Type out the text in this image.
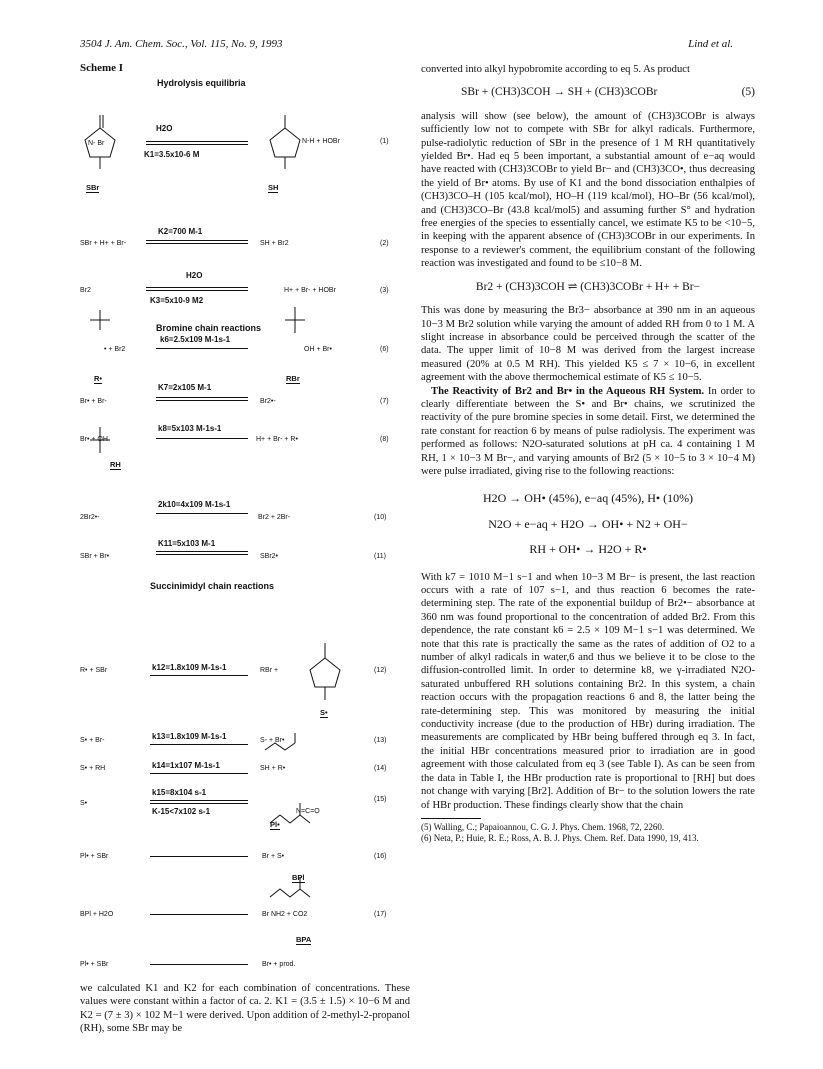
3504 J. Am. Chem. Soc., Vol. 115, No. 9, 1993	Lind et al.
Scheme I
Hydrolysis equilibria
Bromine chain reactions
Succinimidyl chain reactions
N- Br
H2O
K1=3.5x10-6 M
N-H + HOBr	(1)
SBr	SH
SBr + H+ + Br-
K2=700 M-1
SH + Br2	(2)
Br2
H2O
K3=5x10-9 M2
H+ + Br- + HOBr	(3)
• + Br2
k6=2.5x109 M-1s-1
OH + Br•	(6)
R•	RBr
Br• + Br-
K7=2x105 M-1
Br2•-	(7)
Br• + OH
k8=5x103 M-1s-1
H+ + Br- + R•	(8)
RH
2Br2•-
2k10=4x109 M-1s-1
Br2 + 2Br-	(10)
SBr + Br•
K11=5x103 M-1
SBr2•	(11)
R• + SBr	k12=1.8x109 M-1s-1	RBr +	(12)
S•
S• + Br-	k13=1.8x109 M-1s-1	S- + Br•	(13)
S• + RH	k14=1x107 M-1s-1	SH + R•	(14)
S•
k15=8x104 s-1
K-15<7x102 s-1	N=C=O
(15)
Pl•
Pl• + SBr	Br + S•	(16)
BPl
BPl + H2O	Br NH2 + CO2	(17)
BPA
Pl• + SBr	Br• + prod.

we calculated K1 and K2 for each combination of concentrations. These values were constant within a factor of ca. 2. K1 = (3.5 ± 1.5) × 10−6 M and K2 = (7 ± 3) × 102 M−1 were derived. Upon addition of 2-methyl-2-propanol (RH), some SBr may be

converted into alkyl hypobromite according to eq 5. As product

SBr + (CH3)3COH → SH + (CH3)3COBr	(5)

analysis will show (see below), the amount of (CH3)3COBr is always sufficiently low not to compete with SBr for alkyl radicals. Furthermore, pulse-radiolytic reduction of SBr in the presence of 1 M RH quantitatively yielded Br•. Had eq 5 been important, a substantial amount of e−aq would have reacted with (CH3)3COBr to yield Br− and (CH3)3CO•, thus decreasing the yield of Br• atoms. By use of K1 and the bond dissociation enthalpies of (CH3)3CO–H (105 kcal/mol), HO–H (119 kcal/mol), HO–Br (56 kcal/mol), and (CH3)3CO–Br (43.8 kcal/mol5) and assuming further S° and hydration free energies of the species to essentially cancel, we estimate K5 to be <10−5, in keeping with the apparent absence of (CH3)3COBr in our experiments. In response to a reviewer's comment, the equilibrium constant of the following reaction was investigated and found to be ≤10−8 M.

Br2 + (CH3)3COH ⇌ (CH3)3COBr + H+ + Br−

This was done by measuring the Br3− absorbance at 390 nm in an aqueous 10−3 M Br2 solution while varying the amount of added RH from 0 to 1 M. A slight increase in absorbance could be perceived through the scatter of the data. The upper limit of 10−8 M was derived from the largest increase measured (20% at 0.5 M RH). This yielded K5 ≤ 7 × 10−6, in excellent agreement with the above thermochemical estimate of K5 ≤ 10−5.

The Reactivity of Br2 and Br• in the Aqueous RH System. In order to clearly differentiate between the S• and Br• chains, we scrutinized the reactivity of the pure bromine species in some detail. First, we determined the rate constant for reaction 6 by means of pulse radiolysis. The experiment was performed as follows: N2O-saturated solutions at pH ca. 4 containing 1 M RH, 1 × 10−3 M Br−, and varying amounts of Br2 (5 × 10−5 to 3 × 10−4 M) were pulse irradiated, giving rise to the following reactions:

H2O → OH• (45%), e−aq (45%), H• (10%)
N2O + e−aq + H2O → OH• + N2 + OH−
RH + OH• → H2O + R•

With k7 = 1010 M−1 s−1 and when 10−3 M Br− is present, the last reaction occurs with a rate of 107 s−1, and thus reaction 6 becomes the rate-determining step. The rate of the exponential buildup of Br2•− absorbance at 360 nm was found proportional to the concentration of added Br2. From this dependence, the rate constant k6 = 2.5 × 109 M−1 s−1 was determined. We note that this rate is practically the same as the rates of addition of O2 to a number of alkyl radicals in water,6 and thus we believe it to be close to the diffusion-controlled limit. In order to determine k8, we γ-irradiated N2O-saturated unbuffered RH solutions containing Br2. In this system, a chain reaction occurs with the propagation reactions 6 and 8, the latter being the rate-determining step. This was monitored by measuring the initial conductivity increase (due to the production of HBr) during irradiation. The measurements are complicated by HBr being buffered through eq 3. In fact, the initial HBr concentrations measured prior to irradiation are in good agreement with those calculated from eq 3 (see Table I). As can be seen from the data in Table I, the HBr production rate is proportional to [RH] but does not change with varying [Br2]. Addition of Br− to the solution lowers the rate of HBr production. These findings clearly show that the chain

(5) Walling, C.; Papaioannou, C. G. J. Phys. Chem. 1968, 72, 2260.
(6) Neta, P.; Huie, R. E.; Ross, A. B. J. Phys. Chem. Ref. Data 1990, 19, 413.
